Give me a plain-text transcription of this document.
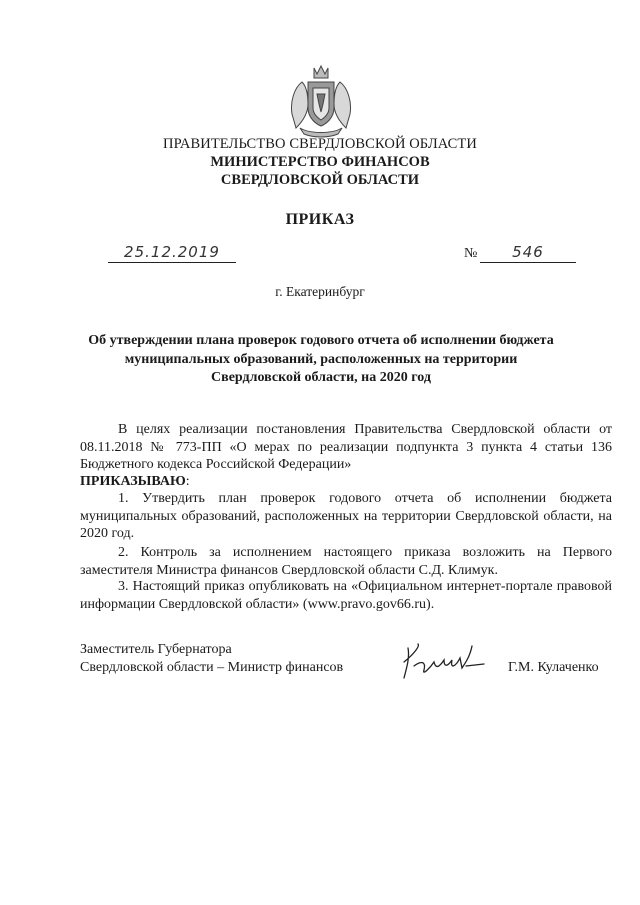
ПРАВИТЕЛЬСТВО СВЕРДЛОВСКОЙ ОБЛАСТИ
МИНИСТЕРСТВО ФИНАНСОВ
СВЕРДЛОВСКОЙ ОБЛАСТИ
ПРИКАЗ
25.12.2019	№	546
г. Екатеринбург
Об утверждении плана проверок годового отчета об исполнении бюджета муниципальных образований, расположенных на территории Свердловской области, на 2020 год

В целях реализации постановления Правительства Свердловской области от 08.11.2018 № 773-ПП «О мерах по реализации подпункта 3 пункта 4 статьи 136 Бюджетного кодекса Российской Федерации»

ПРИКАЗЫВАЮ:

1. Утвердить план проверок годового отчета об исполнении бюджета муниципальных образований, расположенных на территории Свердловской области, на 2020 год.

2. Контроль за исполнением настоящего приказа возложить на Первого заместителя Министра финансов Свердловской области С.Д. Климук.

3. Настоящий приказ опубликовать на «Официальном интернет-портале правовой информации Свердловской области» (www.pravo.gov66.ru).

Заместитель Губернатора
Свердловской области – Министр финансов	Г.М. Кулаченко
